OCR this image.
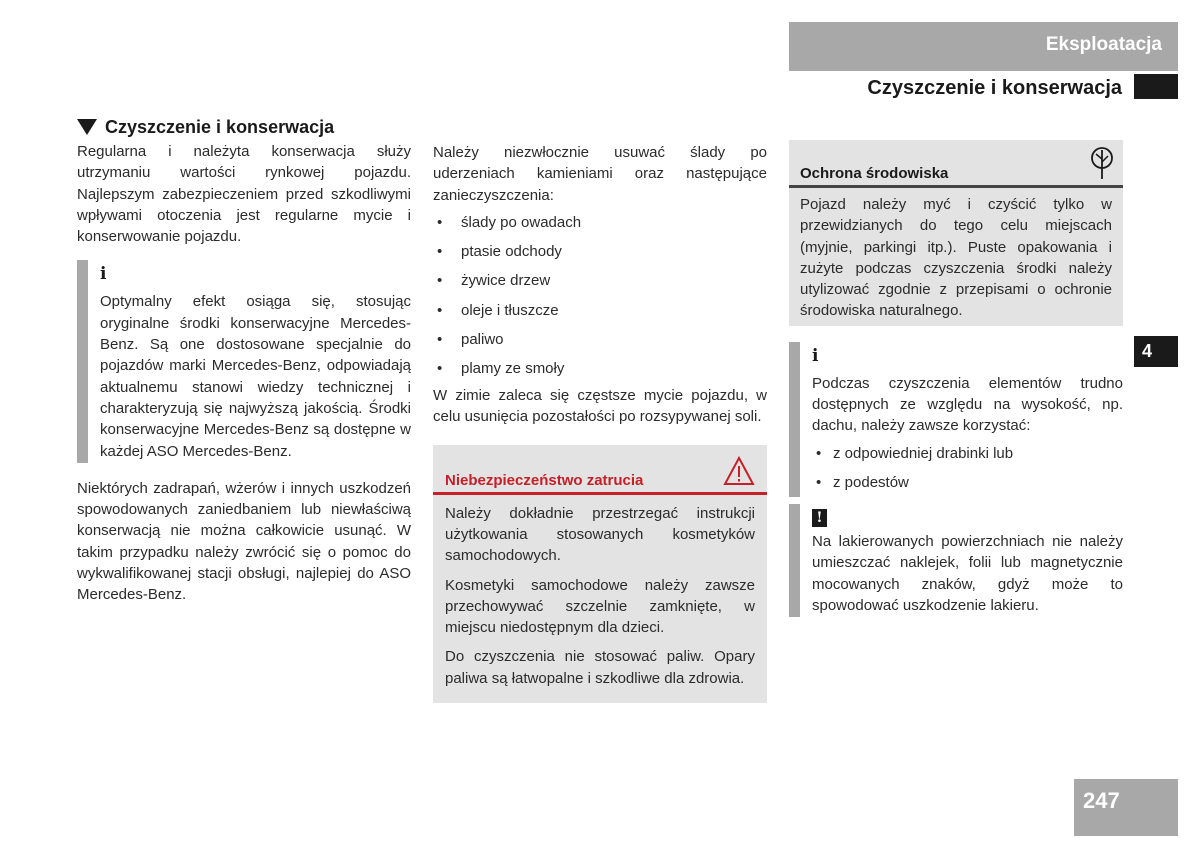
Eksploatacja
Czyszczenie i konserwacja
Czyszczenie i konserwacja

Regularna i należyta konserwacja służy utrzymaniu wartości rynkowej pojazdu. Najlepszym zabezpieczeniem przed szkodliwymi wpływami otoczenia jest regularne mycie i konserwowanie pojazdu.

i

Optymalny efekt osiąga się, stosując oryginalne środki konserwacyjne Mercedes-Benz. Są one dostosowane specjalnie do pojazdów marki Mercedes-Benz, odpowiadają aktualnemu stanowi wiedzy technicznej i charakteryzują się najwyższą jakością. Środki konserwacyjne Mercedes-Benz są dostępne w każdej ASO Mercedes-Benz.

Niektórych zadrapań, wżerów i innych uszkodzeń spowodowanych zaniedbaniem lub niewłaściwą konserwacją nie można całkowicie usunąć. W takim przypadku należy zwrócić się o pomoc do wykwalifikowanej stacji obsługi, najlepiej do ASO Mercedes-Benz.

Należy niezwłocznie usuwać ślady po uderzeniach kamieniami oraz następujące zanieczyszczenia:

• ślady po owadach
• ptasie odchody
• żywice drzew
• oleje i tłuszcze
• paliwo
• plamy ze smoły

W zimie zaleca się częstsze mycie pojazdu, w celu usunięcia pozostałości po rozsypywanej soli.

Niebezpieczeństwo zatrucia

Należy dokładnie przestrzegać instrukcji użytkowania stosowanych kosmetyków samochodowych.

Kosmetyki samochodowe należy zawsze przechowywać szczelnie zamknięte, w miejscu niedostępnym dla dzieci.

Do czyszczenia nie stosować paliw. Opary paliwa są łatwopalne i szkodliwe dla zdrowia.

Ochrona środowiska

Pojazd należy myć i czyścić tylko w przewidzianych do tego celu miejscach (myjnie, parkingi itp.). Puste opakowania i zużyte podczas czyszczenia środki należy utylizować zgodnie z przepisami o ochronie środowiska naturalnego.

i

Podczas czyszczenia elementów trudno dostępnych ze względu na wysokość, np. dachu, należy zawsze korzystać:

• z odpowiedniej drabinki lub
• z podestów
!

Na lakierowanych powierzchniach nie należy umieszczać naklejek, folii lub magnetycznie mocowanych znaków, gdyż może to spowodować uszkodzenie lakieru.

4
247
